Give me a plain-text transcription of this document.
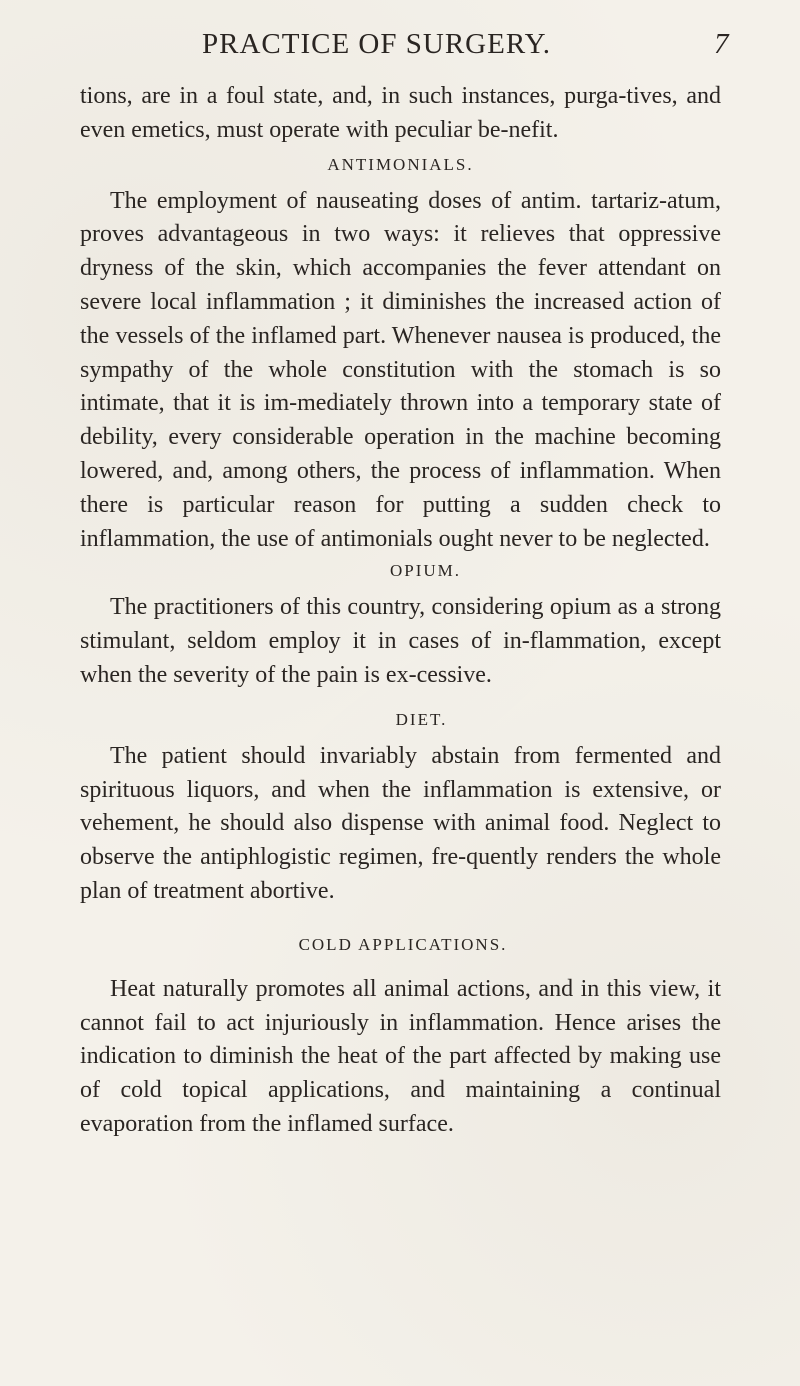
PRACTICE OF SURGERY.	7

tions, are in a foul state, and, in such instances, purga-tives, and even emetics, must operate with peculiar be-nefit.

ANTIMONIALS.

The employment of nauseating doses of antim. tartariz-atum, proves advantageous in two ways: it relieves that oppressive dryness of the skin, which accompanies the fever attendant on severe local inflammation ; it diminishes the increased action of the vessels of the inflamed part. Whenever nausea is produced, the sympathy of the whole constitution with the stomach is so intimate, that it is im-mediately thrown into a temporary state of debility, every considerable operation in the machine becoming lowered, and, among others, the process of inflammation. When there is particular reason for putting a sudden check to inflammation, the use of antimonials ought never to be neglected.

OPIUM.

The practitioners of this country, considering opium as a strong stimulant, seldom employ it in cases of in-flammation, except when the severity of the pain is ex-cessive.

DIET.

The patient should invariably abstain from fermented and spirituous liquors, and when the inflammation is extensive, or vehement, he should also dispense with animal food. Neglect to observe the antiphlogistic regimen, fre-quently renders the whole plan of treatment abortive.

COLD APPLICATIONS.

Heat naturally promotes all animal actions, and in this view, it cannot fail to act injuriously in inflammation. Hence arises the indication to diminish the heat of the part affected by making use of cold topical applications, and maintaining a continual evaporation from the inflamed surface.
